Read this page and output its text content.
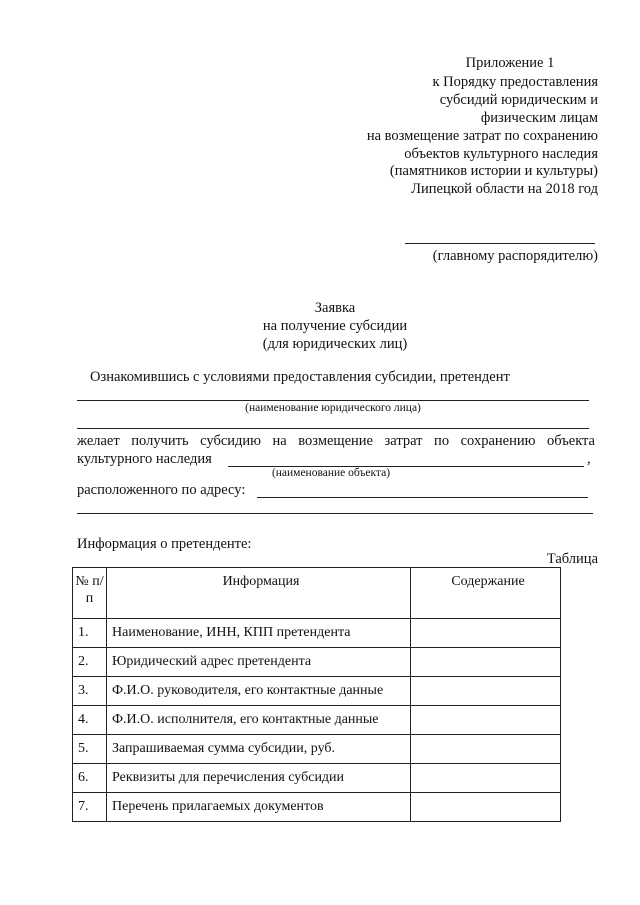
Приложение 1
к Порядку предоставления
субсидий юридическим и
физическим лицам
на возмещение затрат по сохранению
объектов культурного наследия
(памятников истории и культуры)
Липецкой области на 2018 год
(главному распорядителю)
Заявка
на получение субсидии
(для юридических лиц)
Ознакомившись с условиями предоставления субсидии, претендент
(наименование юридического лица)
желает получить субсидию на возмещение затрат по сохранению объекта
культурного наследия	,
(наименование объекта)
расположенного по адресу:
Информация о претенденте:
Таблица
№ п/п	Информация	Содержание
1.	Наименование, ИНН, КПП претендента	
2.	Юридический адрес претендента	
3.	Ф.И.О. руководителя, его контактные данные	
4.	Ф.И.О. исполнителя, его контактные данные	
5.	Запрашиваемая сумма субсидии, руб.	
6.	Реквизиты для перечисления субсидии	
7.	Перечень прилагаемых документов	
